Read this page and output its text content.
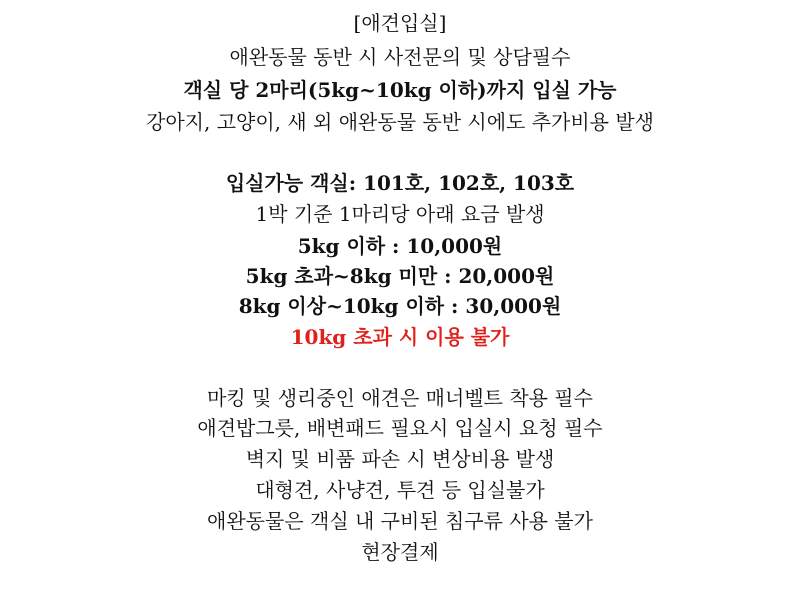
[애견입실]
애완동물 동반 시 사전문의 및 상담필수
객실 당 2마리(5kg~10kg 이하)까지 입실 가능
강아지, 고양이, 새 외 애완동물 동반 시에도 추가비용 발생
입실가능 객실: 101호, 102호, 103호
1박 기준 1마리당 아래 요금 발생
5kg 이하 : 10,000원
5kg 초과~8kg 미만 : 20,000원
8kg 이상~10kg 이하 : 30,000원
10kg 초과 시 이용 불가
마킹 및 생리중인 애견은 매너벨트 착용 필수
애견밥그릇, 배변패드 필요시 입실시 요청 필수
벽지 및 비품 파손 시 변상비용 발생
대형견, 사냥견, 투견 등 입실불가
애완동물은 객실 내 구비된 침구류 사용 불가
현장결제
